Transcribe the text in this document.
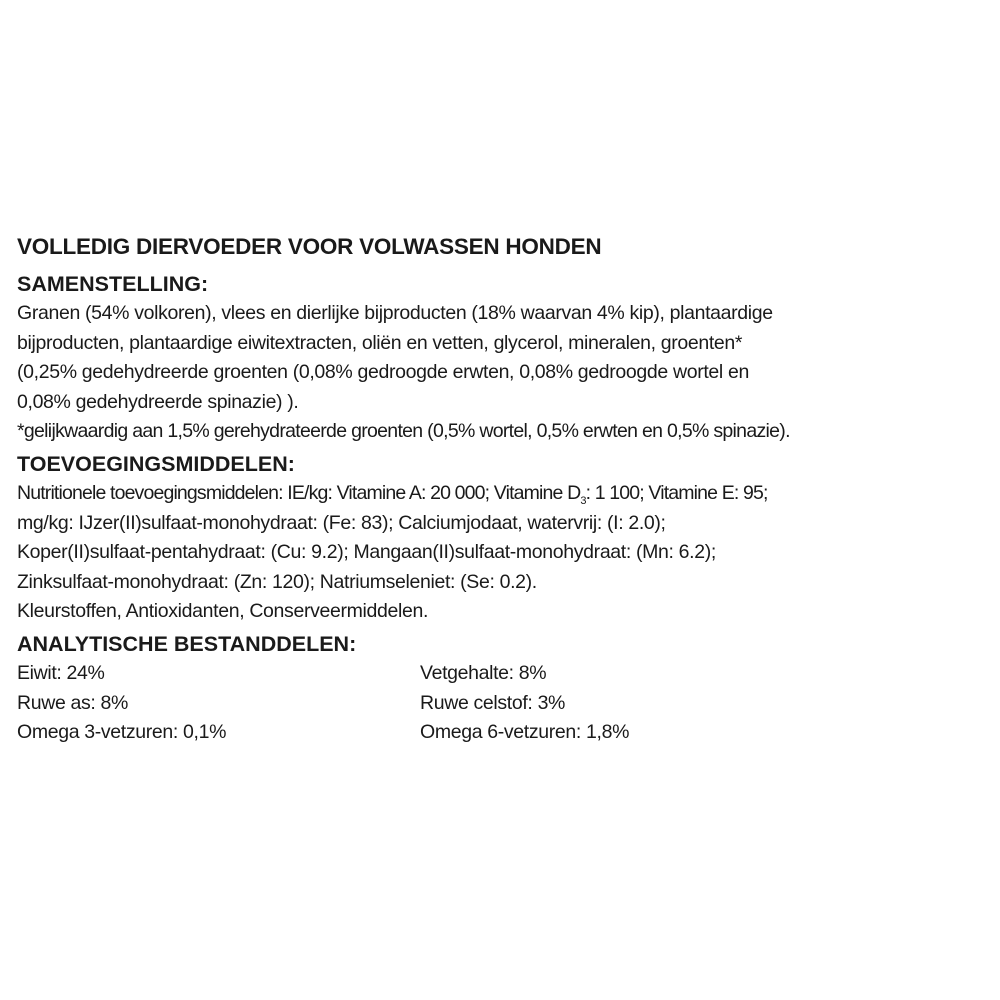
VOLLEDIG DIERVOEDER VOOR VOLWASSEN HONDEN
SAMENSTELLING:
Granen (54% volkoren), vlees en dierlijke bijproducten (18% waarvan 4% kip), plantaardige
bijproducten, plantaardige eiwitextracten, oliën en vetten, glycerol, mineralen, groenten*
(0,25% gedehydreerde groenten (0,08% gedroogde erwten, 0,08% gedroogde wortel en
0,08% gedehydreerde spinazie) ).
*gelijkwaardig aan 1,5% gerehydrateerde groenten (0,5% wortel, 0,5% erwten en 0,5% spinazie).
TOEVOEGINGSMIDDELEN:
Nutritionele toevoegingsmiddelen: IE/kg: Vitamine A: 20 000; Vitamine $D_3$: 1 100; Vitamine E: 95;
mg/kg: IJzer(II)sulfaat-monohydraat: (Fe: 83); Calciumjodaat, watervrij: (I: 2.0);
Koper(II)sulfaat-pentahydraat: (Cu: 9.2); Mangaan(II)sulfaat-monohydraat: (Mn: 6.2);
Zinksulfaat-monohydraat: (Zn: 120); Natriumseleniet: (Se: 0.2).
Kleurstoffen, Antioxidanten, Conserveermiddelen.
ANALYTISCHE BESTANDDELEN:
Eiwit: 24%	Vetgehalte: 8%
Ruwe as: 8%	Ruwe celstof: 3%
Omega 3-vetzuren: 0,1%	Omega 6-vetzuren: 1,8%
